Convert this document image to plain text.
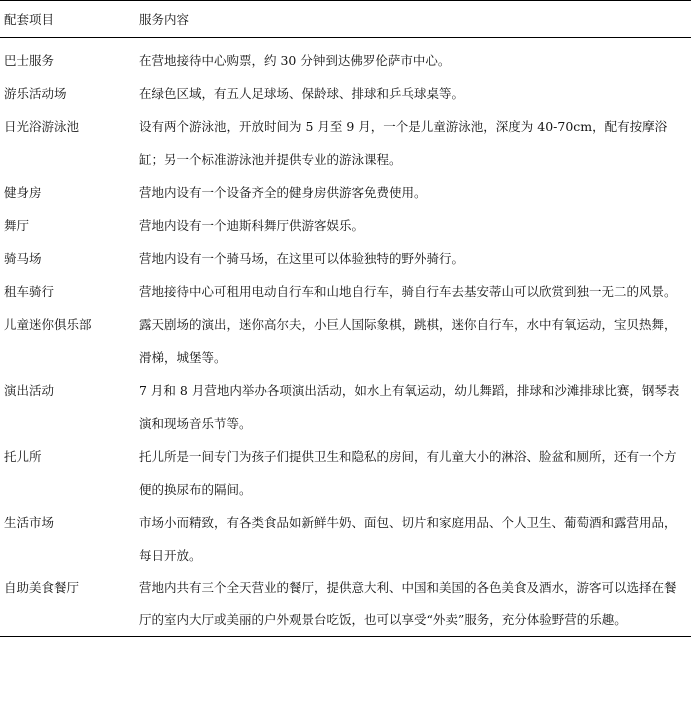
配套项目	服务内容
巴士服务	在营地接待中心购票，约 30 分钟到达佛罗伦萨市中心。
游乐活动场	在绿色区域，有五人足球场、保龄球、排球和乒乓球桌等。
日光浴游泳池	设有两个游泳池，开放时间为 5 月至 9 月，一个是儿童游泳池，深度为 40-70cm，配有按摩浴缸；另一个标准游泳池并提供专业的游泳课程。
健身房	营地内设有一个设备齐全的健身房供游客免费使用。
舞厅	营地内设有一个迪斯科舞厅供游客娱乐。
骑马场	营地内设有一个骑马场，在这里可以体验独特的野外骑行。
租车骑行	营地接待中心可租用电动自行车和山地自行车，骑自行车去基安蒂山可以欣赏到独一无二的风景。
儿童迷你俱乐部	露天剧场的演出，迷你高尔夫，小巨人国际象棋，跳棋，迷你自行车，水中有氧运动，宝贝热舞，滑梯，城堡等。
演出活动	7 月和 8 月营地内举办各项演出活动，如水上有氧运动，幼儿舞蹈，排球和沙滩排球比赛，钢琴表演和现场音乐节等。
托儿所	托儿所是一间专门为孩子们提供卫生和隐私的房间，有儿童大小的淋浴、脸盆和厕所，还有一个方便的换尿布的隔间。
生活市场	市场小而精致，有各类食品如新鲜牛奶、面包、切片和家庭用品、个人卫生、葡萄酒和露营用品，每日开放。
自助美食餐厅	营地内共有三个全天营业的餐厅，提供意大利、中国和美国的各色美食及酒水，游客可以选择在餐厅的室内大厅或美丽的户外观景台吃饭，也可以享受“外卖”服务，充分体验野营的乐趣。
